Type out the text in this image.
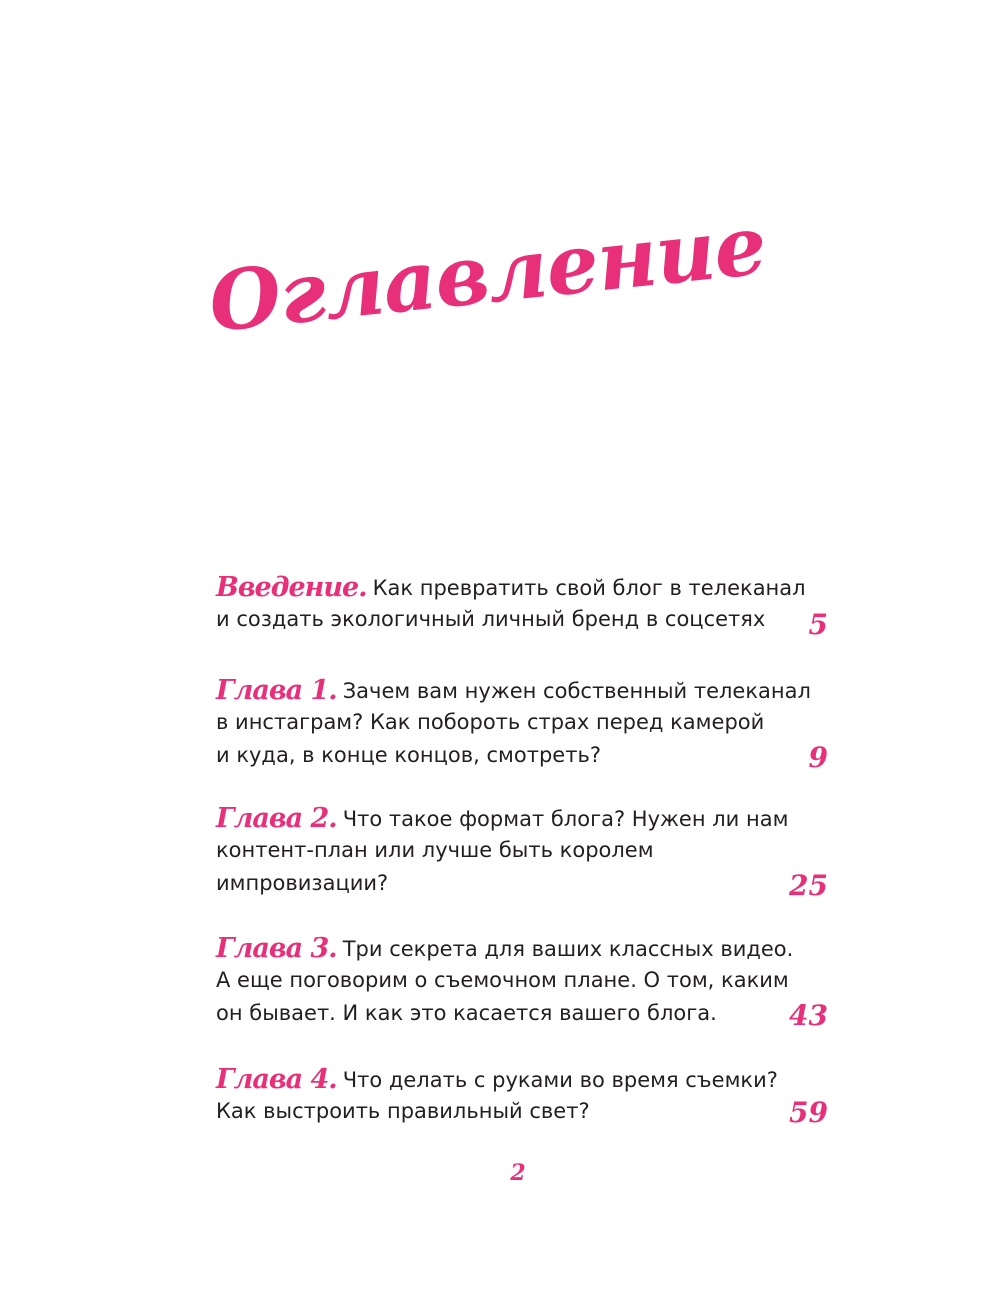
Оглавление
Введение. Как превратить свой блог в телеканал
и создать экологичный личный бренд в соцсетях	5
Глава 1. Зачем вам нужен собственный телеканал
в инстаграм? Как побороть страх перед камерой
и куда, в конце концов, смотреть?	9
Глава 2. Что такое формат блога? Нужен ли нам
контент-план или лучше быть королем
импровизации?	25
Глава 3. Три секрета для ваших классных видео.
А еще поговорим о съемочном плане. О том, каким
он бывает. И как это касается вашего блога.	43
Глава 4. Что делать с руками во время съемки?
Как выстроить правильный свет?	59
2
